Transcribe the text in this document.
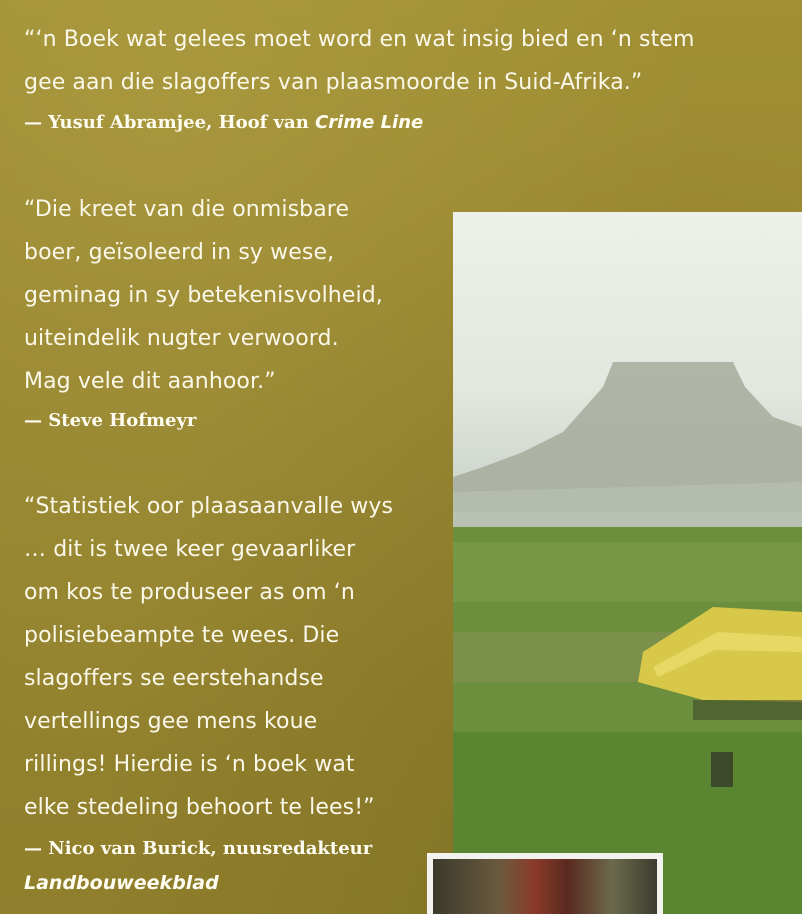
“‘n Boek wat gelees moet word en wat insig bied en ‘n stem
gee aan die slagoffers van plaasmoorde in Suid-Afrika.”
— Yusuf Abramjee, Hoof van Crime Line
“Die kreet van die onmisbare
boer, geïsoleerd in sy wese,
geminag in sy betekenisvolheid,
uiteindelik nugter verwoord.
Mag vele dit aanhoor.”
— Steve Hofmeyr
“Statistiek oor plaasaanvalle wys
… dit is twee keer gevaarliker
om kos te produseer as om ‘n
polisiebeampte te wees. Die
slagoffers se eerstehandse
vertellings gee mens koue
rillings! Hierdie is ‘n boek wat
elke stedeling behoort te lees!”
— Nico van Burick, nuusredakteur
Landbouweekblad
